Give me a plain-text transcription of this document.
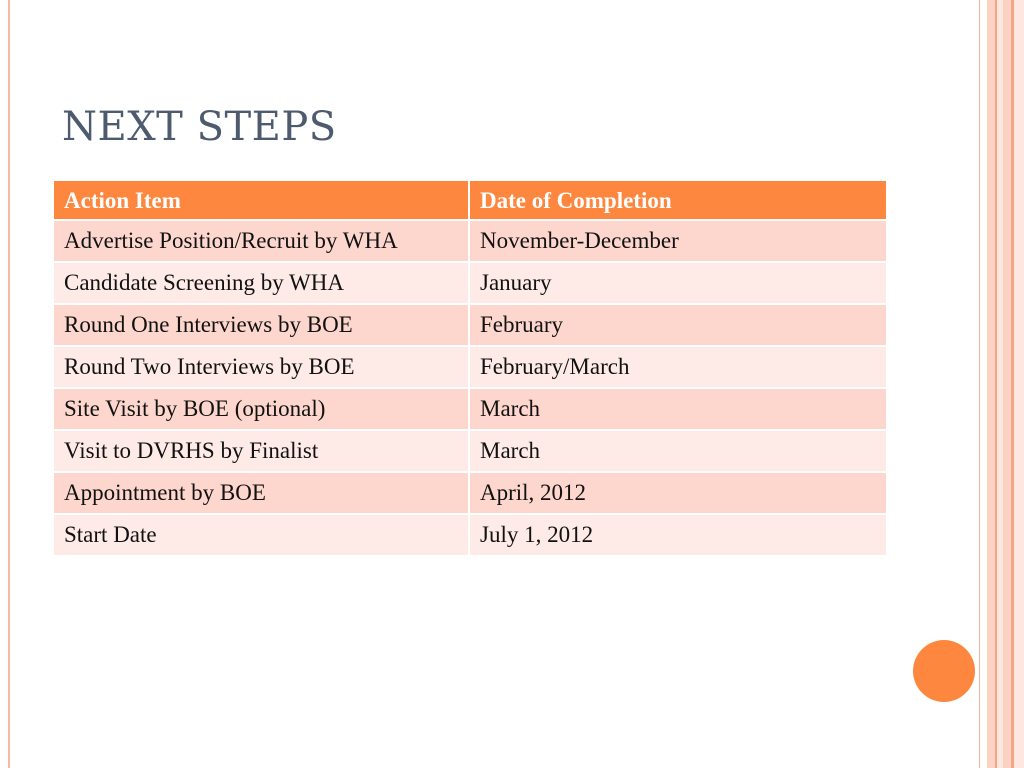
NEXT STEPS
Action Item	Date of Completion
Advertise Position/Recruit by WHA	November-December
Candidate Screening by WHA	January
Round One Interviews by BOE	February
Round Two Interviews by BOE	February/March
Site Visit by BOE (optional)	March
Visit to DVRHS by Finalist	March
Appointment by BOE	April, 2012
Start Date	July 1, 2012
